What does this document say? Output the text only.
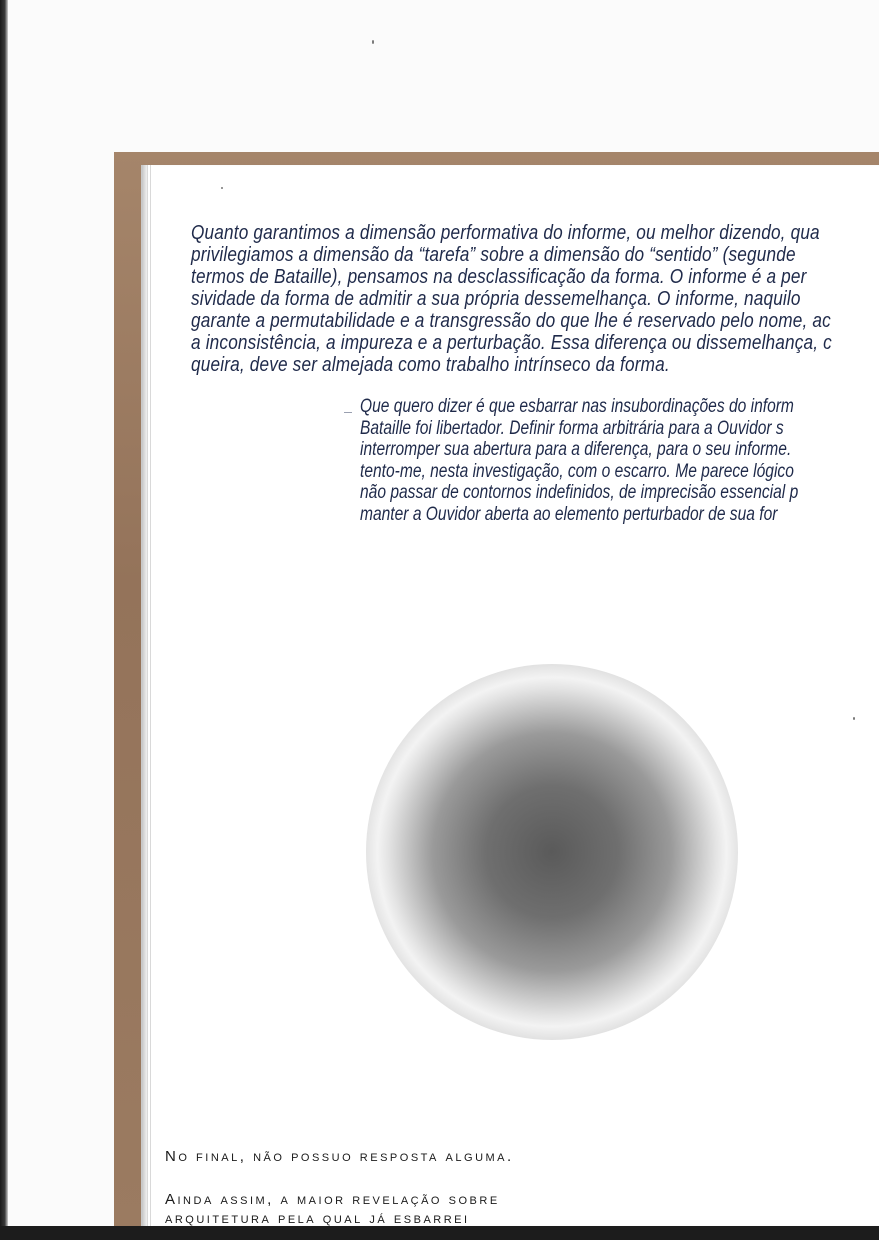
Quanto garantimos a dimensão performativa do informe, ou melhor dizendo, qua
privilegiamos a dimensão da “tarefa” sobre a dimensão do “sentido” (segunde
termos de Bataille), pensamos na desclassificação da forma. O informe é a per
sividade da forma de admitir a sua própria dessemelhança. O informe, naquilo
garante a permutabilidade e a transgressão do que lhe é reservado pelo nome, ac
a inconsistência, a impureza e a perturbação. Essa diferença ou dissemelhança, c
queira, deve ser almejada como trabalho intrínseco da forma.
Que quero dizer é que esbarrar nas insubordinações do inform
Bataille foi libertador. Definir forma arbitrária para a Ouvidor s
interromper sua abertura para a diferença, para o seu informe.
tento-me, nesta investigação, com o escarro. Me parece lógico
não passar de contornos indefinidos, de imprecisão essencial p
manter a Ouvidor aberta ao elemento perturbador de sua for
No final, não possuo resposta alguma.
Ainda assim, a maior revelação sobre
arquitetura pela qual já esbarrei
